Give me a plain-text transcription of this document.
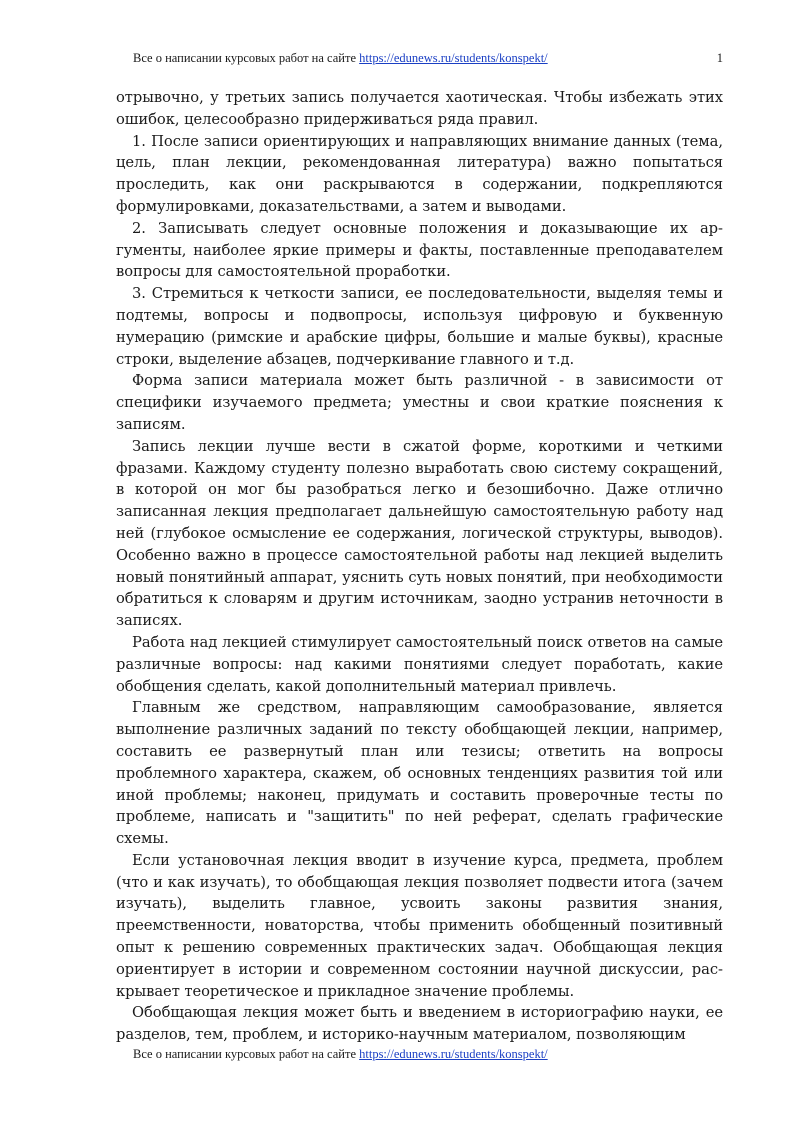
Все о написании курсовых работ на сайте https://edunews.ru/students/konspekt/	1

отрывочно, у третьих запись получается хаотическая. Чтобы избежать этих ошибок, целесообразно придерживаться ряда правил.

1. После записи ориентирующих и направляющих внимание данных (тема, цель, план лекции, рекомендованная литература) важно попытаться проследить, как они раскрываются в содержании, подкрепляются формулировками, доказательствами, а затем и выводами.

2. Записывать следует основные положения и доказывающие их аргументы, наиболее яркие примеры и факты, поставленные преподавателем вопросы для самостоятельной проработки.

3. Стремиться к четкости записи, ее последовательности, выделяя темы и подтемы, вопросы и подвопросы, используя цифровую и буквенную нумерацию (римские и арабские цифры, большие и малые буквы), красные строки, выделение абзацев, подчеркивание главного и т.д.

Форма записи материала может быть различной - в зависимости от специфики изучаемого предмета; уместны и свои краткие пояснения к записям.

Запись лекции лучше вести в сжатой форме, короткими и четкими фразами. Каждому студенту полезно выработать свою систему сокращений, в которой он мог бы разобраться легко и безошибочно. Даже отлично записанная лекция предполагает дальнейшую самостоятельную работу над ней (глубокое осмысление ее содержания, логической структуры, выводов). Особенно важно в процессе самостоятельной работы над лекцией выделить новый понятийный аппарат, уяснить суть новых понятий, при необходимости обратиться к словарям и другим источникам, заодно устранив неточности в записях.

Работа над лекцией стимулирует самостоятельный поиск ответов на самые различные вопросы: над какими понятиями следует поработать, какие обобщения сделать, какой дополнительный материал привлечь.

Главным же средством, направляющим самообразование, является выполнение различных заданий по тексту обобщающей лекции, например, составить ее развернутый план или тезисы; ответить на вопросы проблемного характера, скажем, об основных тенденциях развития той или иной проблемы; наконец, придумать и составить проверочные тесты по проблеме, написать и "защитить" по ней реферат, сделать графические схемы.

Если установочная лекция вводит в изучение курса, предмета, проблем (что и как изучать), то обобщающая лекция позволяет подвести итога (зачем изучать), выделить главное, усвоить законы развития знания, преемственности, новаторства, чтобы применить обобщенный позитивный опыт к решению современных практических задач. Обобщающая лекция ориентирует в истории и современном состоянии научной дискуссии, раскрывает теоретическое и прикладное значение проблемы.

Обобщающая лекция может быть и введением в историографию науки, ее разделов, тем, проблем, и историко-научным материалом, позволяющим

Все о написании курсовых работ на сайте https://edunews.ru/students/konspekt/
